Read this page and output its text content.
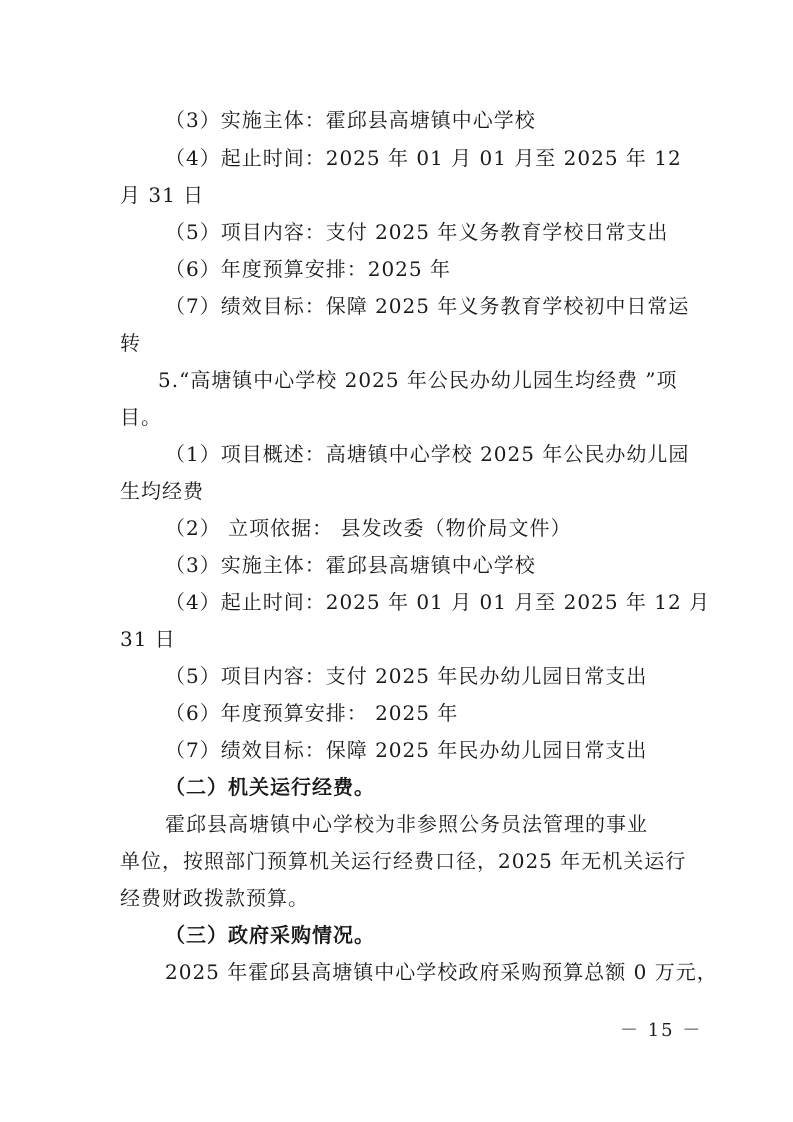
（3）实施主体：霍邱县高塘镇中心学校
（4）起止时间：2025 年 01 月 01 月至 2025 年 12
月 31 日
（5）项目内容：支付 2025 年义务教育学校日常支出
（6）年度预算安排：2025 年
（7）绩效目标：保障 2025 年义务教育学校初中日常运
转
5.“高塘镇中心学校 2025 年公民办幼儿园生均经费 ”项
目。
（1）项目概述：高塘镇中心学校 2025 年公民办幼儿园
生均经费
（2） 立项依据： 县发改委（物价局文件）
（3）实施主体：霍邱县高塘镇中心学校
（4）起止时间：2025 年 01 月 01 月至 2025 年 12 月
31 日
（5）项目内容：支付 2025 年民办幼儿园日常支出
（6）年度预算安排： 2025 年
（7）绩效目标：保障 2025 年民办幼儿园日常支出
（二）机关运行经费。
霍邱县高塘镇中心学校为非参照公务员法管理的事业
单位，按照部门预算机关运行经费口径，2025 年无机关运行
经费财政拨款预算。
（三）政府采购情况。
2025 年霍邱县高塘镇中心学校政府采购预算总额 0 万元，
－ 15 －
